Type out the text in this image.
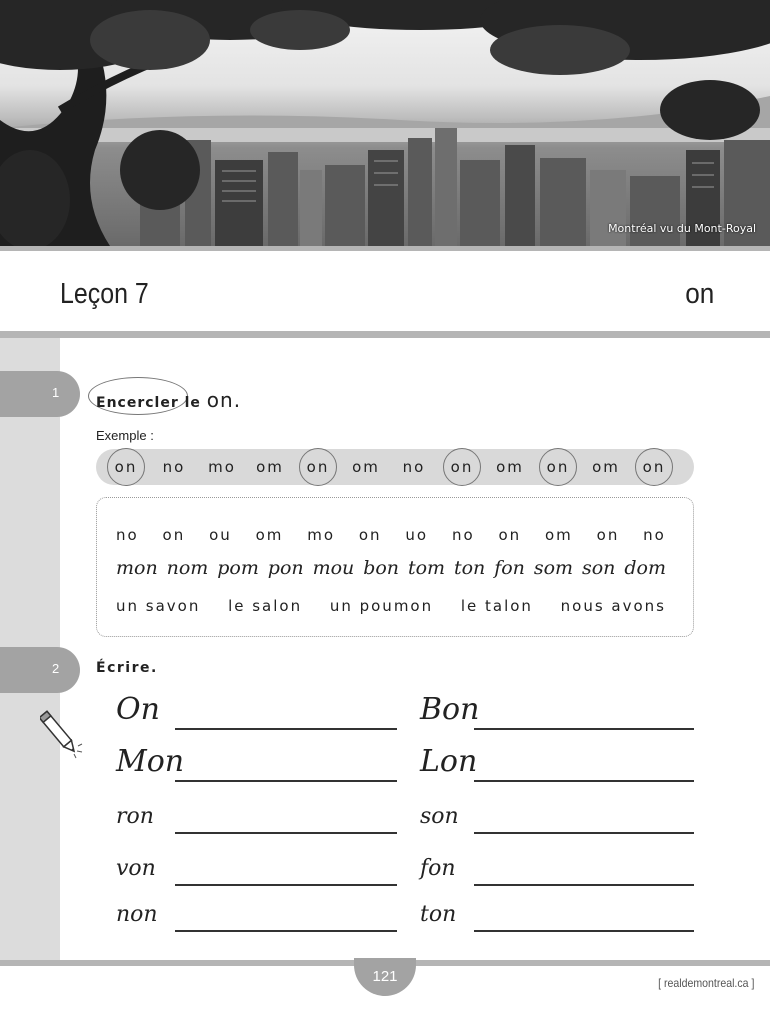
Montréal vu du Mont-Royal
Leçon 7	on
1
2
Encercler le on.
Exemple :
on	no	mo	om	on	om	no	on	om	on	om	on
no on ou om mo on uo no on om on no
mon nom pom pon mou bon tom ton fon som son dom
un savon le salon un poumon le talon nous avons
Écrire.
On	Bon
Mon	Lon
ron	son
von	fon
non	ton
121	[ realdemontreal.ca ]
